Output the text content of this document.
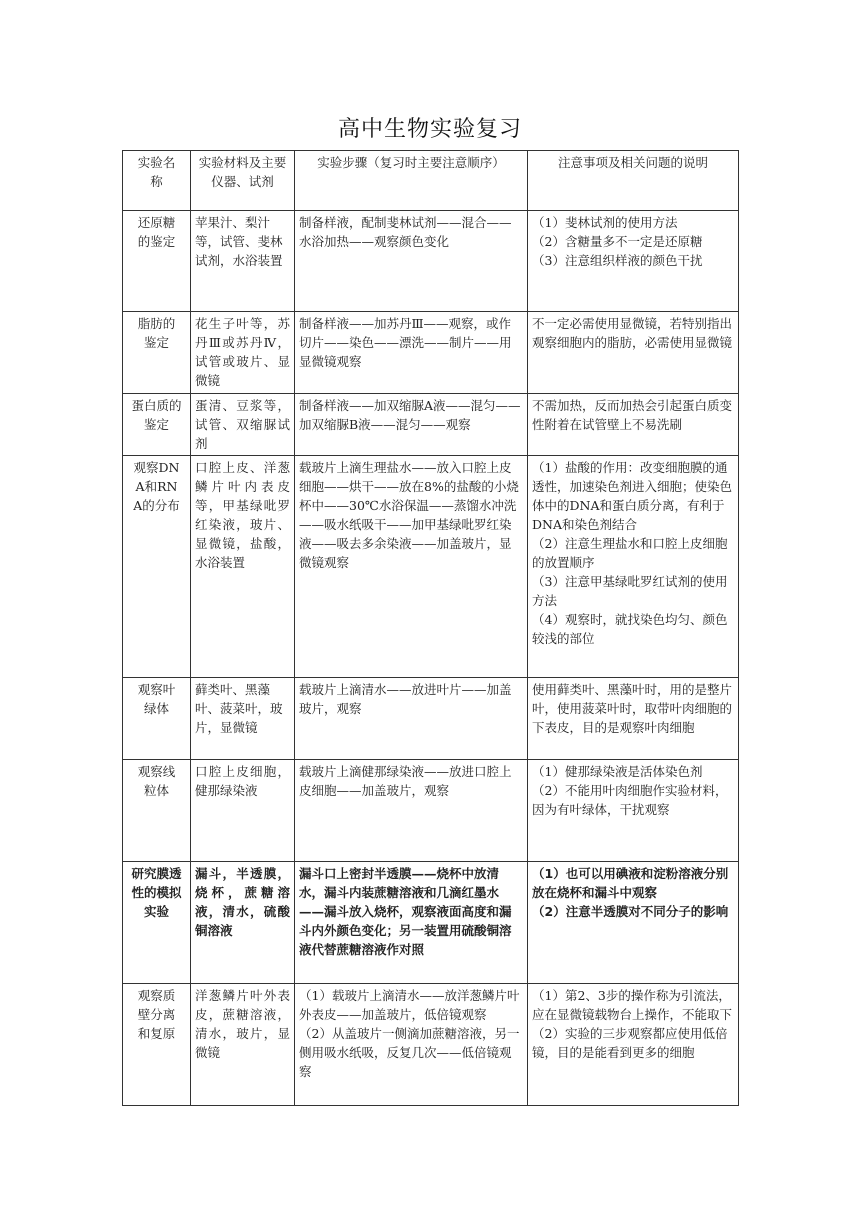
高中生物实验复习
实验名称	实验材料及主要仪器、试剂	实验步骤（复习时主要注意顺序）	注意事项及相关问题的说明
还原糖的鉴定	苹果汁、梨汁等，试管、斐林试剂，水浴装置	制备样液，配制斐林试剂——混合——水浴加热——观察颜色变化	（1）斐林试剂的使用方法
（2）含糖量多不一定是还原糖
（3）注意组织样液的颜色干扰
脂肪的鉴定	花生子叶等，苏丹Ⅲ或苏丹Ⅳ，试管或玻片、显微镜	制备样液——加苏丹Ⅲ——观察，或作切片——染色——漂洗——制片——用显微镜观察	不一定必需使用显微镜，若特别指出观察细胞内的脂肪，必需使用显微镜
蛋白质的鉴定	蛋清、豆浆等，试管、双缩脲试剂	制备样液——加双缩脲A液——混匀——加双缩脲B液——混匀——观察	不需加热，反而加热会引起蛋白质变性附着在试管壁上不易洗刷
观察DNA和RNA的分布	口腔上皮、洋葱鳞片叶内表皮等，甲基绿吡罗红染液，玻片、显微镜，盐酸，水浴装置	载玻片上滴生理盐水——放入口腔上皮细胞——烘干——放在8%的盐酸的小烧杯中——30℃水浴保温——蒸馏水冲洗——吸水纸吸干——加甲基绿吡罗红染液——吸去多余染液——加盖玻片，显微镜观察	（1）盐酸的作用：改变细胞膜的通透性，加速染色剂进入细胞；使染色体中的DNA和蛋白质分离，有利于DNA和染色剂结合
（2）注意生理盐水和口腔上皮细胞的放置顺序
（3）注意甲基绿吡罗红试剂的使用方法
（4）观察时，就找染色均匀、颜色较浅的部位
观察叶绿体	藓类叶、黑藻叶、菠菜叶，玻片，显微镜	载玻片上滴清水——放进叶片——加盖玻片，观察	使用藓类叶、黑藻叶时，用的是整片叶，使用菠菜叶时，取带叶肉细胞的下表皮，目的是观察叶肉细胞
观察线粒体	口腔上皮细胞，健那绿染液	载玻片上滴健那绿染液——放进口腔上皮细胞——加盖玻片，观察	（1）健那绿染液是活体染色剂
（2）不能用叶肉细胞作实验材料，因为有叶绿体，干扰观察
研究膜透性的模拟实验	漏斗，半透膜，烧杯，蔗糖溶液，清水，硫酸铜溶液	漏斗口上密封半透膜——烧杯中放清水，漏斗内装蔗糖溶液和几滴红墨水——漏斗放入烧杯，观察液面高度和漏斗内外颜色变化；另一装置用硫酸铜溶液代替蔗糖溶液作对照	（1）也可以用碘液和淀粉溶液分别放在烧杯和漏斗中观察
（2）注意半透膜对不同分子的影响
观察质壁分离和复原	洋葱鳞片叶外表皮，蔗糖溶液，清水，玻片，显微镜	（1）载玻片上滴清水——放洋葱鳞片叶外表皮——加盖玻片，低倍镜观察
（2）从盖玻片一侧滴加蔗糖溶液，另一侧用吸水纸吸，反复几次——低倍镜观察	（1）第2、3步的操作称为引流法，应在显微镜载物台上操作，不能取下
（2）实验的三步观察都应使用低倍镜，目的是能看到更多的细胞
